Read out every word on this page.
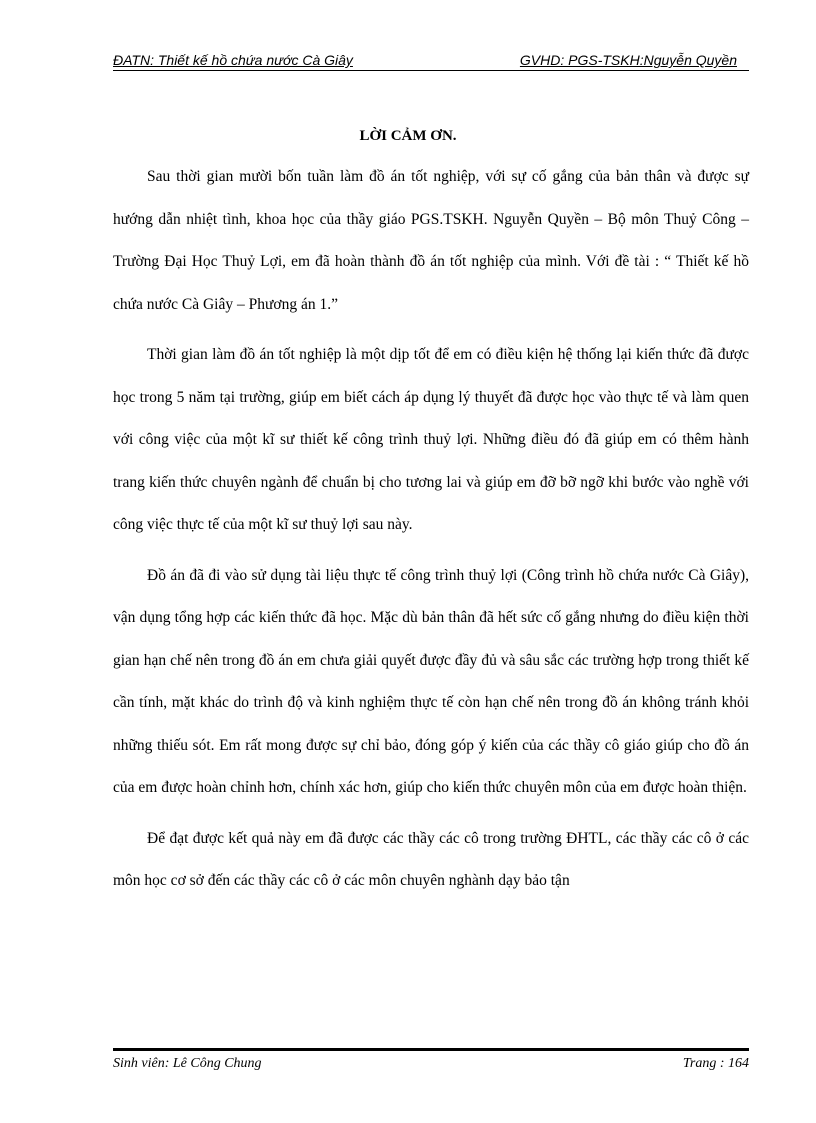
ĐATN: Thiết kế hồ chứa nước Cà Giây	GVHD: PGS-TSKH:Nguyễn Quyền
LỜI CẢM ƠN.

Sau thời gian mười bốn tuần làm đồ án tốt nghiệp, với sự cố gắng của bản thân và được sự hướng dẫn nhiệt tình, khoa học của thầy giáo PGS.TSKH. Nguyễn Quyền – Bộ môn Thuỷ Công – Trường Đại Học Thuỷ Lợi, em đã hoàn thành đồ án tốt nghiệp của mình. Với đề tài : “ Thiết kế hồ chứa nước Cà Giây – Phương án 1.”

Thời gian làm đồ án tốt nghiệp là một dịp tốt để em có điều kiện hệ thống lại kiến thức đã được học trong 5 năm tại trường, giúp em biết cách áp dụng lý thuyết đã được học vào thực tế và làm quen với công việc của một kĩ sư thiết kế công trình thuỷ lợi. Những điều đó đã giúp em có thêm hành trang kiến thức chuyên ngành để chuẩn bị cho tương lai và giúp em đỡ bỡ ngỡ khi bước vào nghề với công việc thực tế của một kĩ sư thuỷ lợi sau này.

Đồ án đã đi vào sử dụng tài liệu thực tế công trình thuỷ lợi (Công trình hồ chứa nước Cà Giây), vận dụng tổng hợp các kiến thức đã học. Mặc dù bản thân đã hết sức cố gắng nhưng do điều kiện thời gian hạn chế nên trong đồ án em chưa giải quyết được đầy đủ và sâu sắc các trường hợp trong thiết kế cần tính, mặt khác do trình độ và kinh nghiệm thực tế còn hạn chế nên trong đồ án không tránh khỏi những thiếu sót. Em rất mong được sự chỉ bảo, đóng góp ý kiến của các thầy cô giáo giúp cho đồ án của em được hoàn chỉnh hơn, chính xác hơn, giúp cho kiến thức chuyên môn của em được hoàn thiện.

Để đạt được kết quả này em đã được các thầy các cô trong trường ĐHTL, các thầy các cô ở các môn học cơ sở đến các thầy các cô ở các môn chuyên nghành dạy bảo tận

Sinh viên: Lê Công Chung	Trang : 164
